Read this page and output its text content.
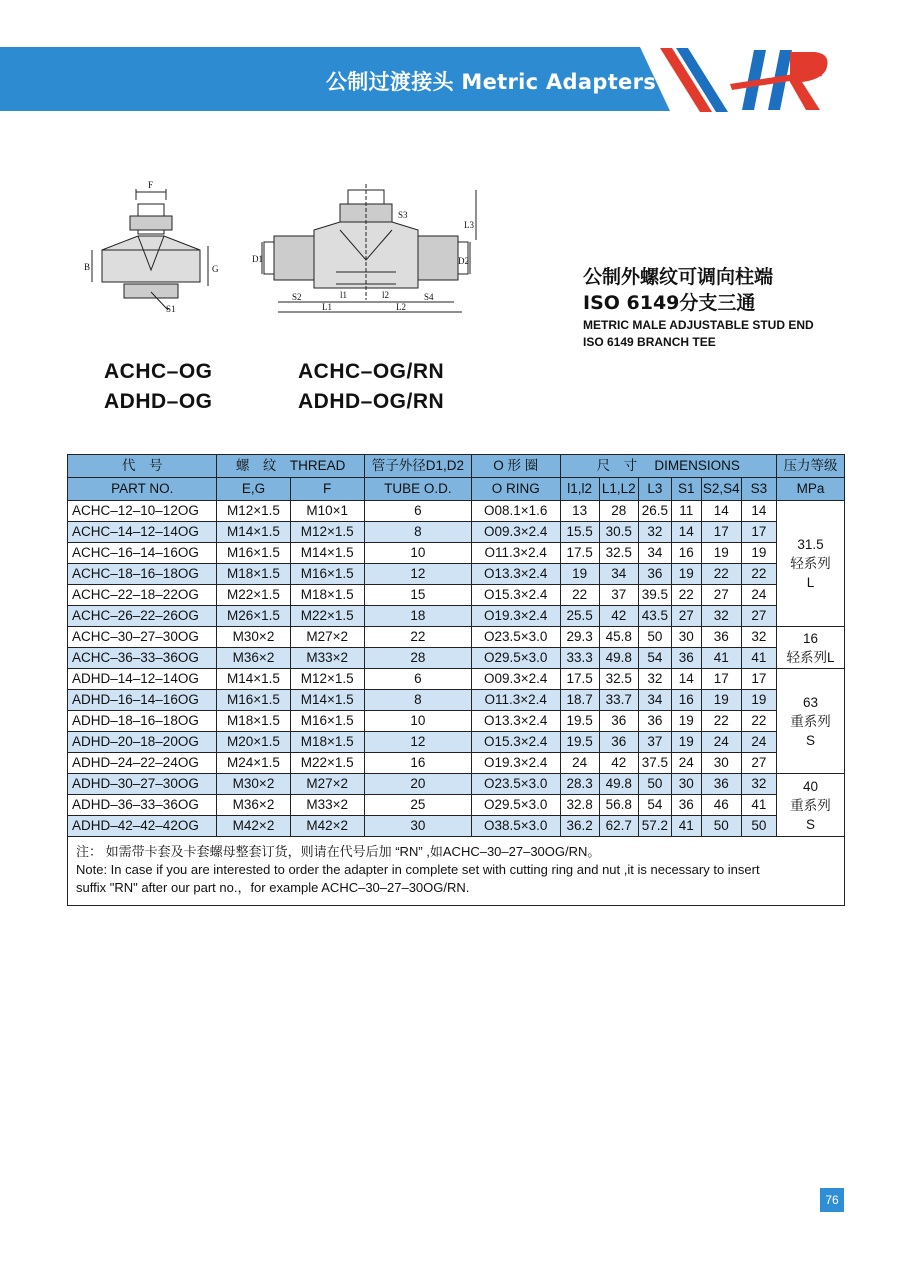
公制过渡接头 Metric Adapters
F
B	G
S1
D1	D2
S3
L3
S2	S4
l1	l2
L1	L2
公制外螺纹可调向柱端
ISO 6149分支三通
METRIC MALE ADJUSTABLE STUD END
ISO 6149 BRANCH TEE
ACHC–OG
ADHD–OG
ACHC–OG/RN
ADHD–OG/RN
代　号	螺　纹　THREAD		管子外径D1,D2	O 形 圈	尺　寸　 DIMENSIONS						压力等级
PART NO.	E,G	F	TUBE O.D.	O RING	l1,l2	L1,L2	L3	S1	S2,S4	S3	MPa
ACHC–12–10–12OG	M12×1.5	M10×1	6	O08.1×1.6	13	28	26.5	11	14	14	31.5
轻系列
L

ACHC–14–12–14OG	M14×1.5	M12×1.5	8	O09.3×2.4	15.5	30.5	32	14	17	17	
ACHC–16–14–16OG	M16×1.5	M14×1.5	10	O11.3×2.4	17.5	32.5	34	16	19	19	
ACHC–18–16–18OG	M18×1.5	M16×1.5	12	O13.3×2.4	19	34	36	19	22	22	
ACHC–22–18–22OG	M22×1.5	M18×1.5	15	O15.3×2.4	22	37	39.5	22	27	24	
ACHC–26–22–26OG	M26×1.5	M22×1.5	18	O19.3×2.4	25.5	42	43.5	27	32	27	
ACHC–30–27–30OG	M30×2	M27×2	22	O23.5×3.0	29.3	45.8	50	30	36	32	16
轻系列L

ACHC–36–33–36OG	M36×2	M33×2	28	O29.5×3.0	33.3	49.8	54	36	41	41	
ADHD–14–12–14OG	M14×1.5	M12×1.5	6	O09.3×2.4	17.5	32.5	32	14	17	17	63
重系列
S

ADHD–16–14–16OG	M16×1.5	M14×1.5	8	O11.3×2.4	18.7	33.7	34	16	19	19	
ADHD–18–16–18OG	M18×1.5	M16×1.5	10	O13.3×2.4	19.5	36	36	19	22	22	
ADHD–20–18–20OG	M20×1.5	M18×1.5	12	O15.3×2.4	19.5	36	37	19	24	24	
ADHD–24–22–24OG	M24×1.5	M22×1.5	16	O19.3×2.4	24	42	37.5	24	30	27	
ADHD–30–27–30OG	M30×2	M27×2	20	O23.5×3.0	28.3	49.8	50	30	36	32	40
重系列
S

ADHD–36–33–36OG	M36×2	M33×2	25	O29.5×3.0	32.8	56.8	54	36	46	41	
ADHD–42–42–42OG	M42×2	M42×2	30	O38.5×3.0	36.2	62.7	57.2	41	50	50	

注： 如需带卡套及卡套螺母整套订货，则请在代号后加 “RN” ,如ACHC–30–27–30OG/RN。
Note: In case if you are interested to order the adapter in complete set with cutting ring and nut ,it is necessary to insert
suffix "RN" after our part no.，for example ACHC–30–27–30OG/RN.											
76
